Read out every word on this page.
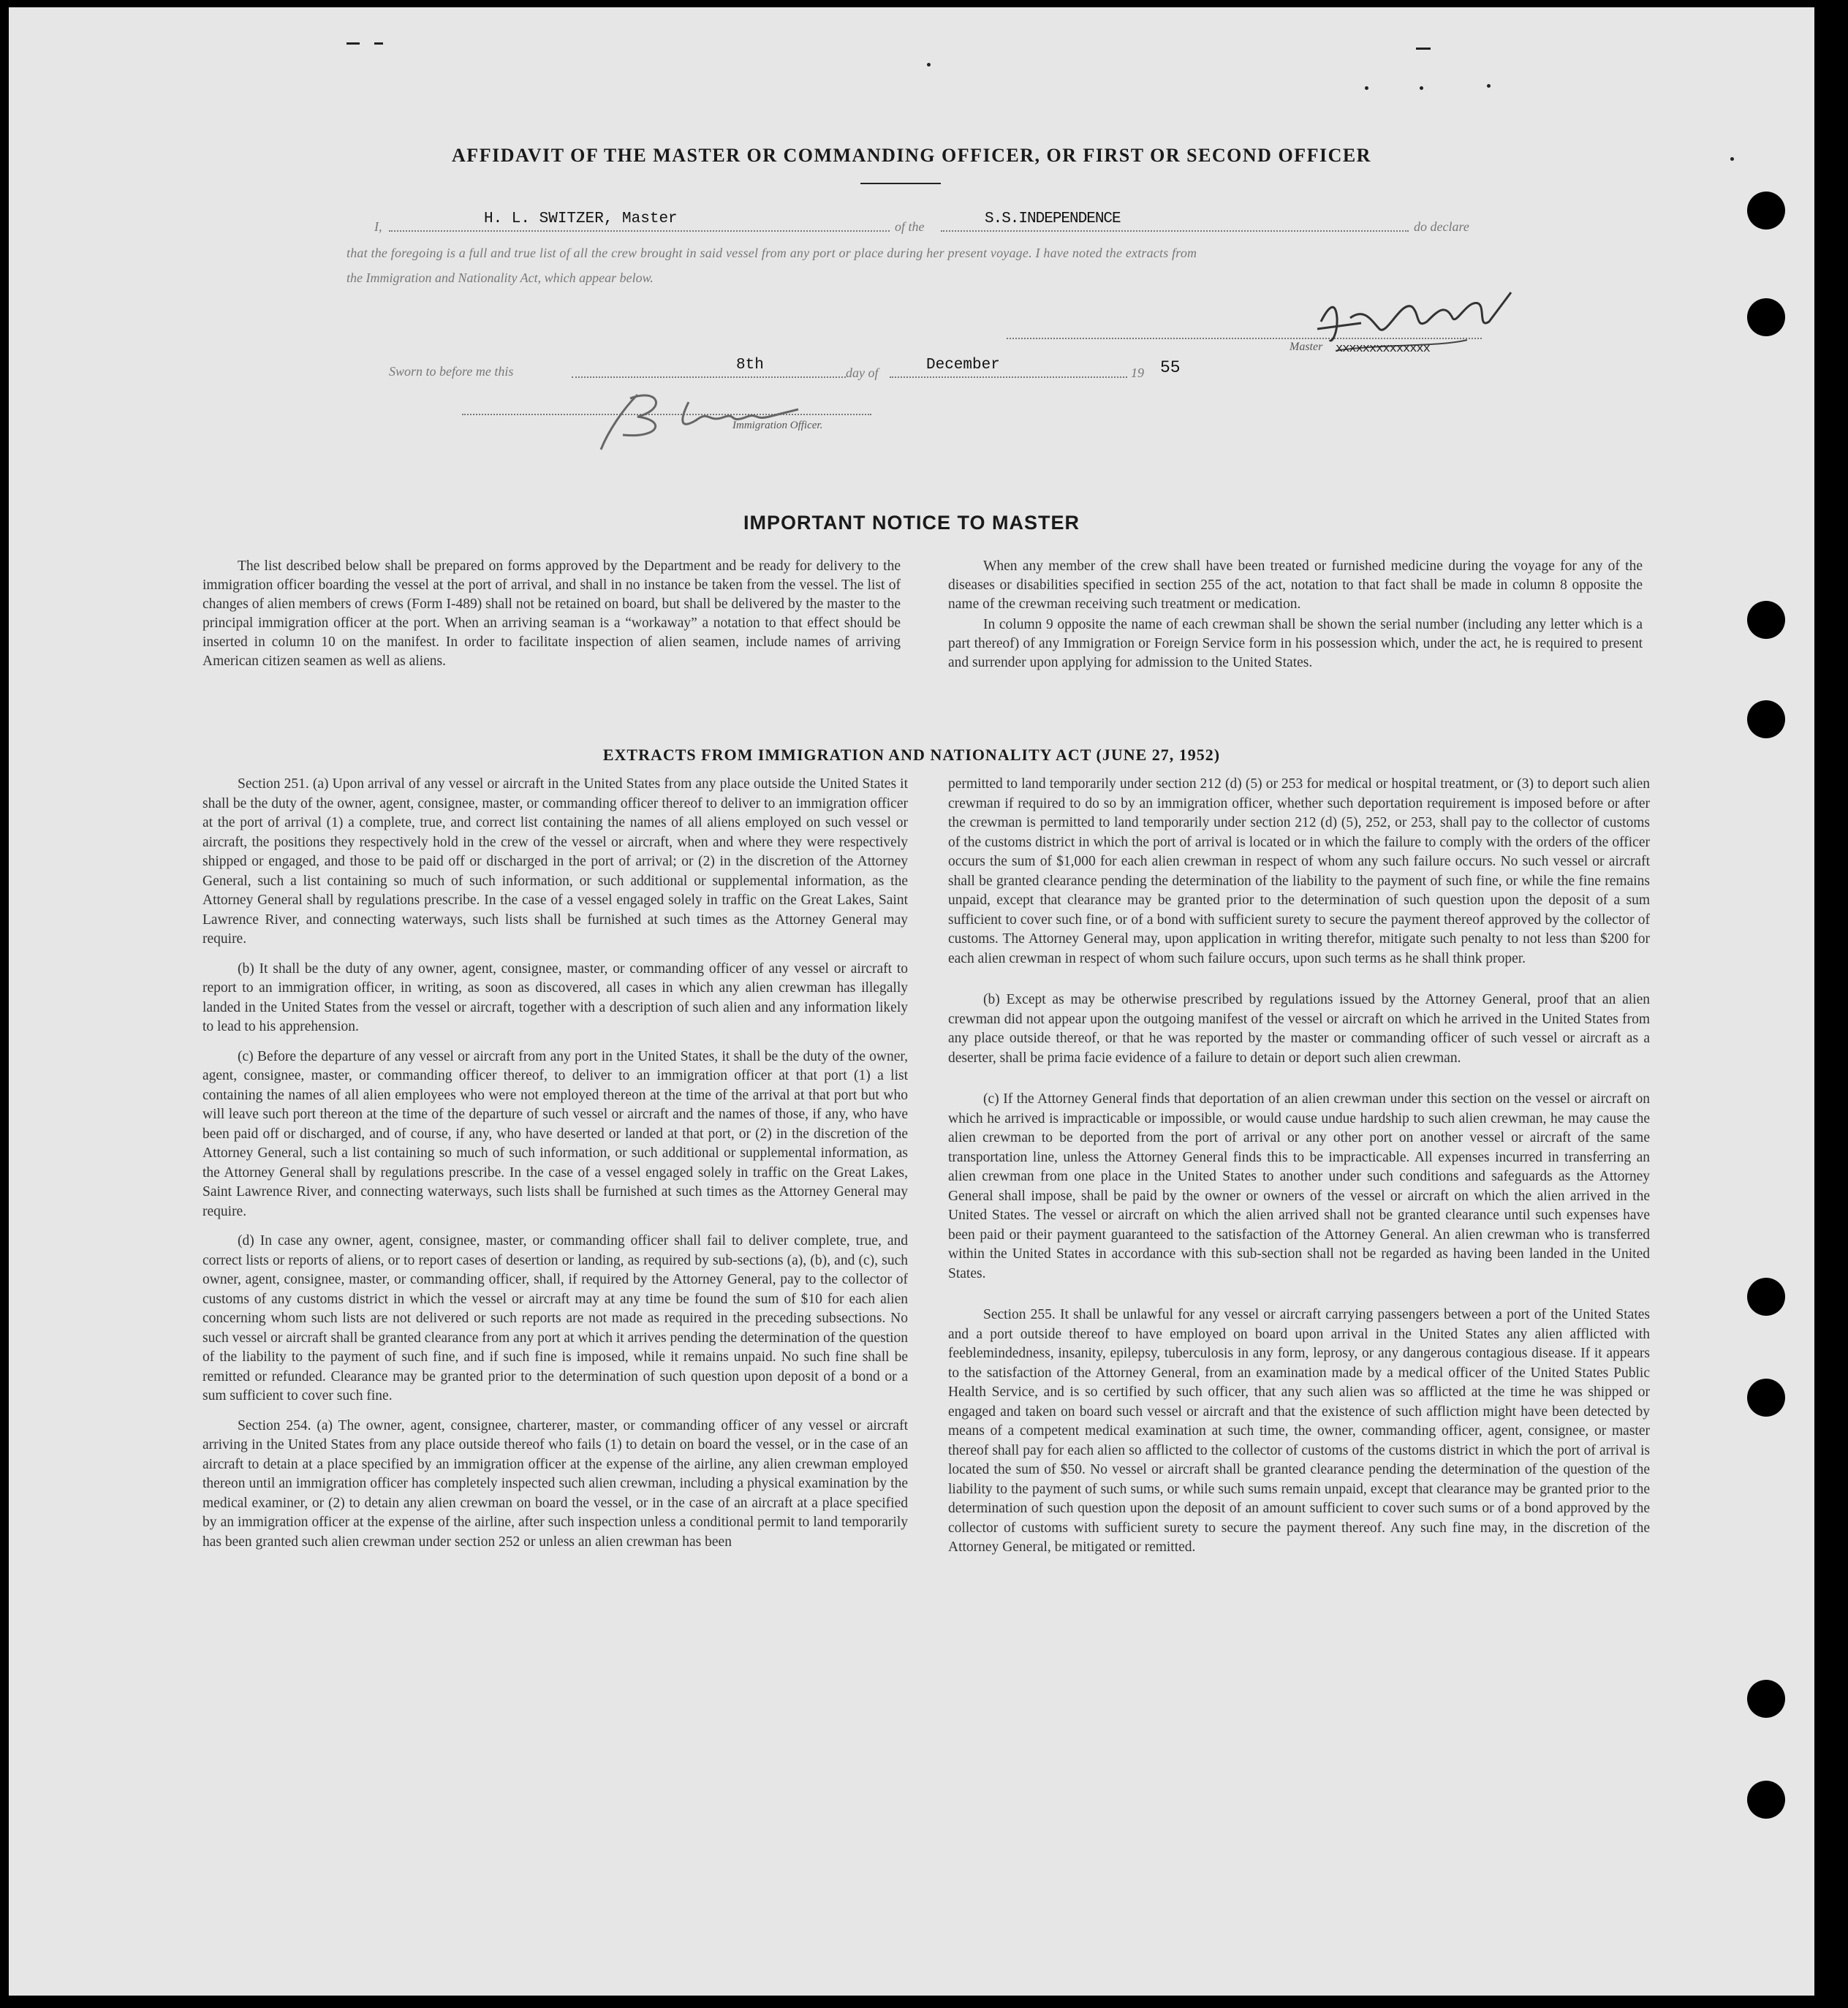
AFFIDAVIT OF THE MASTER OR COMMANDING OFFICER, OR FIRST OR SECOND OFFICER
I,	H. L. SWITZER, Master	of the	S.S.INDEPENDENCE	do declare
that the foregoing is a full and true list of all the crew brought in said vessel from any port or place during her present voyage. I have noted the extracts from
the Immigration and Nationality Act, which appear below.
Master xxxxxxxxxxxxxx
Sworn to before me this	8th	day of	December	19 55
Immigration Officer.
IMPORTANT NOTICE TO MASTER

The list described below shall be prepared on forms approved by the Department and be ready for delivery to the immigration officer boarding the vessel at the port of arrival, and shall in no instance be taken from the vessel. The list of changes of alien members of crews (Form I-489) shall not be retained on board, but shall be delivered by the master to the principal immigration officer at the port. When an arriving seaman is a “workaway” a notation to that effect should be inserted in column 10 on the manifest. In order to facilitate inspection of alien seamen, include names of arriving American citizen seamen as well as aliens.

When any member of the crew shall have been treated or furnished medicine during the voyage for any of the diseases or disabilities specified in section 255 of the act, notation to that fact shall be made in column 8 opposite the name of the crewman receiving such treatment or medication.

In column 9 opposite the name of each crewman shall be shown the serial number (including any letter which is a part thereof) of any Immigration or Foreign Service form in his possession which, under the act, he is required to present and surrender upon applying for admission to the United States.

EXTRACTS FROM IMMIGRATION AND NATIONALITY ACT (JUNE 27, 1952)

Section 251. (a) Upon arrival of any vessel or aircraft in the United States from any place outside the United States it shall be the duty of the owner, agent, consignee, master, or commanding officer thereof to deliver to an immigration officer at the port of arrival (1) a complete, true, and correct list containing the names of all aliens employed on such vessel or aircraft, the positions they respectively hold in the crew of the vessel or aircraft, when and where they were respectively shipped or engaged, and those to be paid off or discharged in the port of arrival; or (2) in the discretion of the Attorney General, such a list containing so much of such information, or such additional or supplemental information, as the Attorney General shall by regulations prescribe. In the case of a vessel engaged solely in traffic on the Great Lakes, Saint Lawrence River, and connecting waterways, such lists shall be furnished at such times as the Attorney General may require.

(b) It shall be the duty of any owner, agent, consignee, master, or commanding officer of any vessel or aircraft to report to an immigration officer, in writing, as soon as discovered, all cases in which any alien crewman has illegally landed in the United States from the vessel or aircraft, together with a description of such alien and any information likely to lead to his apprehension.

(c) Before the departure of any vessel or aircraft from any port in the United States, it shall be the duty of the owner, agent, consignee, master, or commanding officer thereof, to deliver to an immigration officer at that port (1) a list containing the names of all alien employees who were not employed thereon at the time of the arrival at that port but who will leave such port thereon at the time of the departure of such vessel or aircraft and the names of those, if any, who have been paid off or discharged, and of course, if any, who have deserted or landed at that port, or (2) in the discretion of the Attorney General, such a list containing so much of such information, or such additional or supplemental information, as the Attorney General shall by regulations prescribe. In the case of a vessel engaged solely in traffic on the Great Lakes, Saint Lawrence River, and connecting waterways, such lists shall be furnished at such times as the Attorney General may require.

(d) In case any owner, agent, consignee, master, or commanding officer shall fail to deliver complete, true, and correct lists or reports of aliens, or to report cases of desertion or landing, as required by sub-sections (a), (b), and (c), such owner, agent, consignee, master, or commanding officer, shall, if required by the Attorney General, pay to the collector of customs of any customs district in which the vessel or aircraft may at any time be found the sum of $10 for each alien concerning whom such lists are not delivered or such reports are not made as required in the preceding subsections. No such vessel or aircraft shall be granted clearance from any port at which it arrives pending the determination of the question of the liability to the payment of such fine, and if such fine is imposed, while it remains unpaid. No such fine shall be remitted or refunded. Clearance may be granted prior to the determination of such question upon deposit of a bond or a sum sufficient to cover such fine.

Section 254. (a) The owner, agent, consignee, charterer, master, or commanding officer of any vessel or aircraft arriving in the United States from any place outside thereof who fails (1) to detain on board the vessel, or in the case of an aircraft to detain at a place specified by an immigration officer at the expense of the airline, any alien crewman employed thereon until an immigration officer has completely inspected such alien crewman, including a physical examination by the medical examiner, or (2) to detain any alien crewman on board the vessel, or in the case of an aircraft at a place specified by an immigration officer at the expense of the airline, after such inspection unless a conditional permit to land temporarily has been granted such alien crewman under section 252 or unless an alien crewman has been

permitted to land temporarily under section 212 (d) (5) or 253 for medical or hospital treatment, or (3) to deport such alien crewman if required to do so by an immigration officer, whether such deportation requirement is imposed before or after the crewman is permitted to land temporarily under section 212 (d) (5), 252, or 253, shall pay to the collector of customs of the customs district in which the port of arrival is located or in which the failure to comply with the orders of the officer occurs the sum of $1,000 for each alien crewman in respect of whom any such failure occurs. No such vessel or aircraft shall be granted clearance pending the determination of the liability to the payment of such fine, or while the fine remains unpaid, except that clearance may be granted prior to the determination of such question upon the deposit of a sum sufficient to cover such fine, or of a bond with sufficient surety to secure the payment thereof approved by the collector of customs. The Attorney General may, upon application in writing therefor, mitigate such penalty to not less than $200 for each alien crewman in respect of whom such failure occurs, upon such terms as he shall think proper.

(b) Except as may be otherwise prescribed by regulations issued by the Attorney General, proof that an alien crewman did not appear upon the outgoing manifest of the vessel or aircraft on which he arrived in the United States from any place outside thereof, or that he was reported by the master or commanding officer of such vessel or aircraft as a deserter, shall be prima facie evidence of a failure to detain or deport such alien crewman.

(c) If the Attorney General finds that deportation of an alien crewman under this section on the vessel or aircraft on which he arrived is impracticable or impossible, or would cause undue hardship to such alien crewman, he may cause the alien crewman to be deported from the port of arrival or any other port on another vessel or aircraft of the same transportation line, unless the Attorney General finds this to be impracticable. All expenses incurred in transferring an alien crewman from one place in the United States to another under such conditions and safeguards as the Attorney General shall impose, shall be paid by the owner or owners of the vessel or aircraft on which the alien arrived in the United States. The vessel or aircraft on which the alien arrived shall not be granted clearance until such expenses have been paid or their payment guaranteed to the satisfaction of the Attorney General. An alien crewman who is transferred within the United States in accordance with this sub-section shall not be regarded as having been landed in the United States.

Section 255. It shall be unlawful for any vessel or aircraft carrying passengers between a port of the United States and a port outside thereof to have employed on board upon arrival in the United States any alien afflicted with feeblemindedness, insanity, epilepsy, tuberculosis in any form, leprosy, or any dangerous contagious disease. If it appears to the satisfaction of the Attorney General, from an examination made by a medical officer of the United States Public Health Service, and is so certified by such officer, that any such alien was so afflicted at the time he was shipped or engaged and taken on board such vessel or aircraft and that the existence of such affliction might have been detected by means of a competent medical examination at such time, the owner, commanding officer, agent, consignee, or master thereof shall pay for each alien so afflicted to the collector of customs of the customs district in which the port of arrival is located the sum of $50. No vessel or aircraft shall be granted clearance pending the determination of the question of the liability to the payment of such sums, or while such sums remain unpaid, except that clearance may be granted prior to the determination of such question upon the deposit of an amount sufficient to cover such sums or of a bond approved by the collector of customs with sufficient surety to secure the payment thereof. Any such fine may, in the discretion of the Attorney General, be mitigated or remitted.
